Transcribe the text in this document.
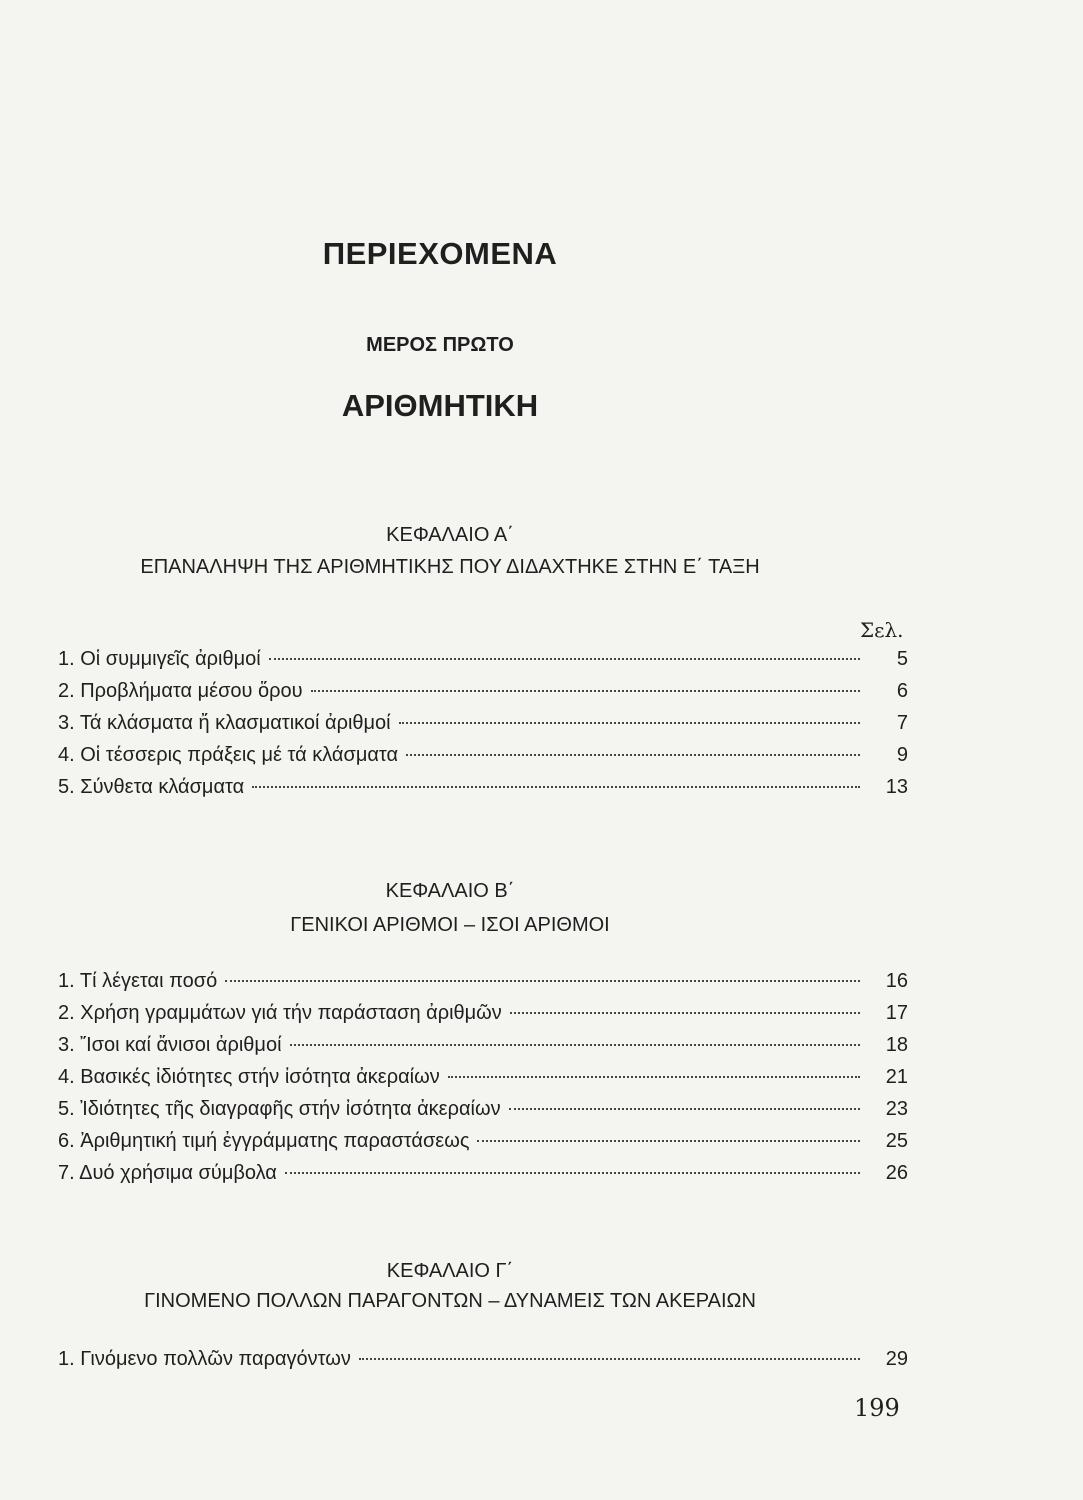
ΠΕΡΙΕΧΟΜΕΝΑ
ΜΕΡΟΣ ΠΡΩΤΟ
ΑΡΙΘΜΗΤΙΚΗ
ΚΕΦΑΛΑΙΟ Α΄
ΕΠΑΝΑΛΗΨΗ ΤΗΣ ΑΡΙΘΜΗΤΙΚΗΣ ΠΟΥ ΔΙΔΑΧΤΗΚΕ ΣΤΗΝ Ε΄ ΤΑΞΗ
Σελ.
1. Οἱ συμμιγεῖς ἀριθμοί	5
2. Προβλήματα μέσου ὅρου	6
3. Τά κλάσματα ἤ κλασματικοί ἀριθμοί	7
4. Οἱ τέσσερις πράξεις μέ τά κλάσματα	9
5. Σύνθετα κλάσματα	13
ΚΕΦΑΛΑΙΟ Β΄
ΓΕΝΙΚΟΙ ΑΡΙΘΜΟΙ – ΙΣΟΙ ΑΡΙΘΜΟΙ
1. Τί λέγεται ποσό	16
2. Χρήση γραμμάτων γιά τήν παράσταση ἀριθμῶν	17
3. Ἴσοι καί ἄνισοι ἀριθμοί	18
4. Βασικές ἰδιότητες στήν ἰσότητα ἀκεραίων	21
5. Ἰδιότητες τῆς διαγραφῆς στήν ἰσότητα ἀκεραίων	23
6. Ἀριθμητική τιμή ἐγγράμματης παραστάσεως	25
7. Δυό χρήσιμα σύμβολα	26
ΚΕΦΑΛΑΙΟ Γ΄
ΓΙΝΟΜΕΝΟ ΠΟΛΛΩΝ ΠΑΡΑΓΟΝΤΩΝ – ΔΥΝΑΜΕΙΣ ΤΩΝ ΑΚΕΡΑΙΩΝ
1. Γινόμενο πολλῶν παραγόντων	29
199
